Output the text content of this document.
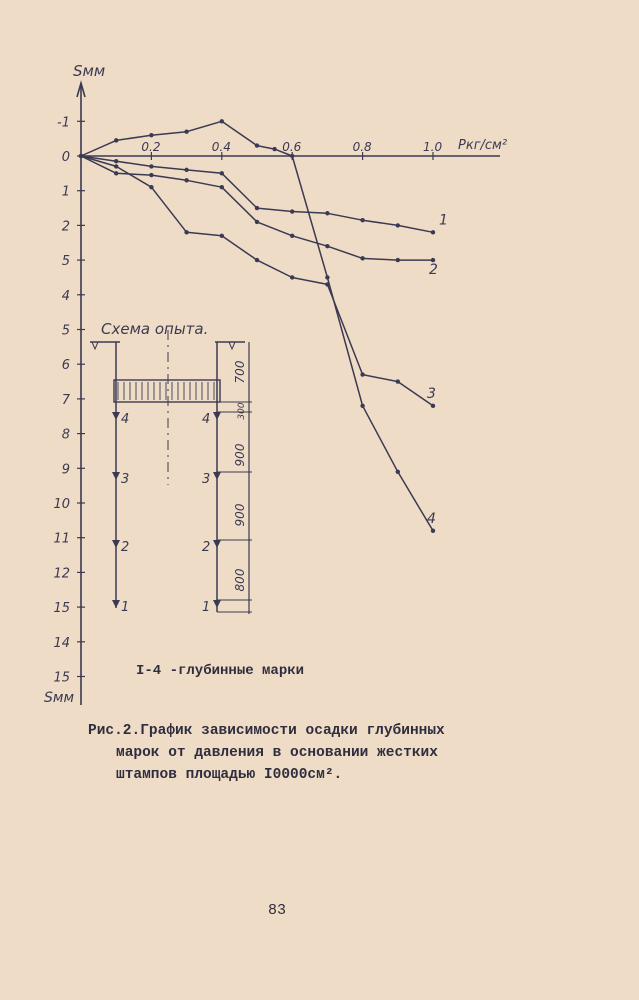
Sмм
Sмм
Pкг/см²
0.2	0.4	0.6	0.8	1.0
-1
0
1
2
5
4
5
6
7
8
9
10
11
12
15
14
15
1
2
3
4
Схема опыта.
4	4
3	3
2	2
1	1
700
300
900
900
800
I-4 -глубинные марки
Рис.2.График зависимости осадки глубинных
марок от давления в основании жестких
штампов площадью I0000см².
83
